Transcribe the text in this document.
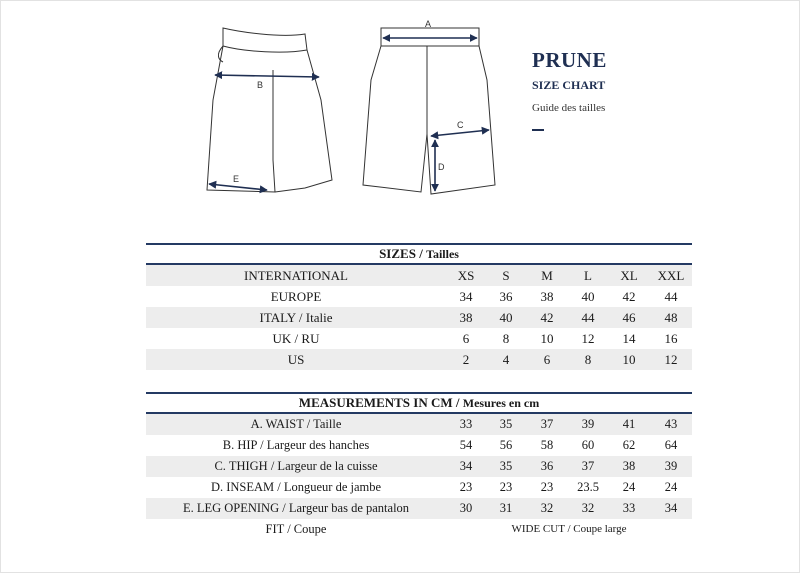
A
B
C
D
E
PRUNE
SIZE CHART
Guide des tailles
SIZES / Tailles						
INTERNATIONAL	XS	S	M	L	XL	XXL
EUROPE	34	36	38	40	42	44
ITALY / Italie	38	40	42	44	46	48
UK / RU	6	8	10	12	14	16
US	2	4	6	8	10	12
MEASUREMENTS IN CM / Mesures en cm						
A. WAIST / Taille	33	35	37	39	41	43
B. HIP / Largeur des hanches	54	56	58	60	62	64
C. THIGH / Largeur de la cuisse	34	35	36	37	38	39
D. INSEAM / Longueur de jambe	23	23	23	23.5	24	24
E. LEG OPENING / Largeur bas de pantalon	30	31	32	32	33	34
FIT / Coupe	WIDE CUT / Coupe large					
